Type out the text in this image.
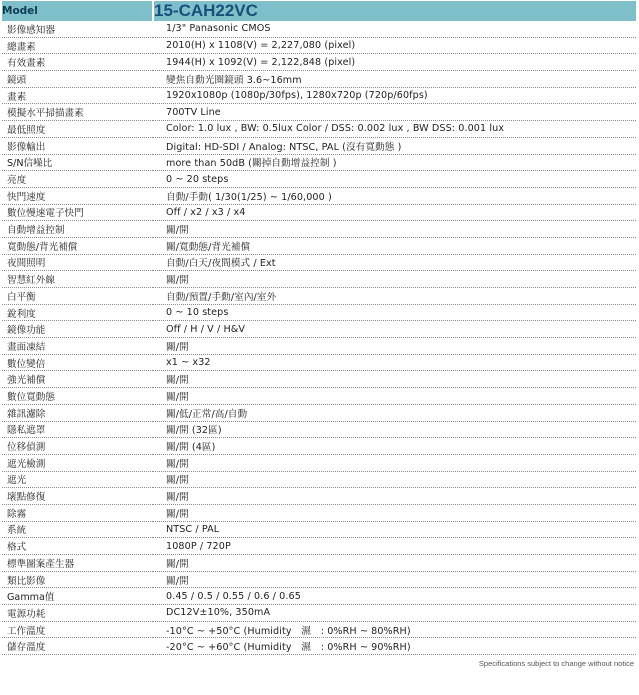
Model	15-CAH22VC
影像感知器	1/3" Panasonic CMOS
總畫素	2010(H) x 1108(V) = 2,227,080 (pixel)
有效畫素	1944(H) x 1092(V) = 2,122,848 (pixel)
鏡頭	變焦自動光圈鏡頭 3.6~16mm
畫素	1920x1080p (1080p/30fps), 1280x720p (720p/60fps)
模擬水平掃描畫素	700TV Line
最低照度	Color: 1.0 lux , BW: 0.5lux Color / DSS: 0.002 lux , BW DSS: 0.001 lux
影像輸出	Digital: HD-SDI / Analog: NTSC, PAL (沒有寬動態 )
S/N信噪比	more than 50dB (關掉自動增益控制 )
亮度	0 ~ 20 steps
快門速度	自動/手動( 1/30(1/25) ~ 1/60,000 )
數位慢速電子快門	Off / x2 / x3 / x4
自動增益控制	關/開
寬動態/背光補償	關/寬動態/背光補償
夜間照明	自動/白天/夜間模式 / Ext
智慧紅外線	關/開
白平衡	自動/預置/手動/室內/室外
銳利度	0 ~ 10 steps
鏡像功能	Off / H / V / H&V
畫面凍結	關/開
數位變倍	x1 ~ x32
強光補償	關/開
數位寬動態	關/開
雜訊濾除	關/低/正常/高/自動
隱私遮罩	關/開 (32區)
位移偵測	關/開 (4區)
遮光檢測	關/開
遮光	關/開
壞點修復	關/開
除霧	關/開
系統	NTSC / PAL
格式	1080P / 720P
標準圖案產生器	關/開
類比影像	關/開
Gamma值	0.45 / 0.5 / 0.55 / 0.6 / 0.65
電源功耗	DC12V±10%, 350mA
工作溫度	-10°C ~ +50°C (Humidity　濕　: 0%RH ~ 80%RH)
儲存溫度	-20°C ~ +60°C (Humidity　濕　: 0%RH ~ 90%RH)
Specifications subject to change without notice
